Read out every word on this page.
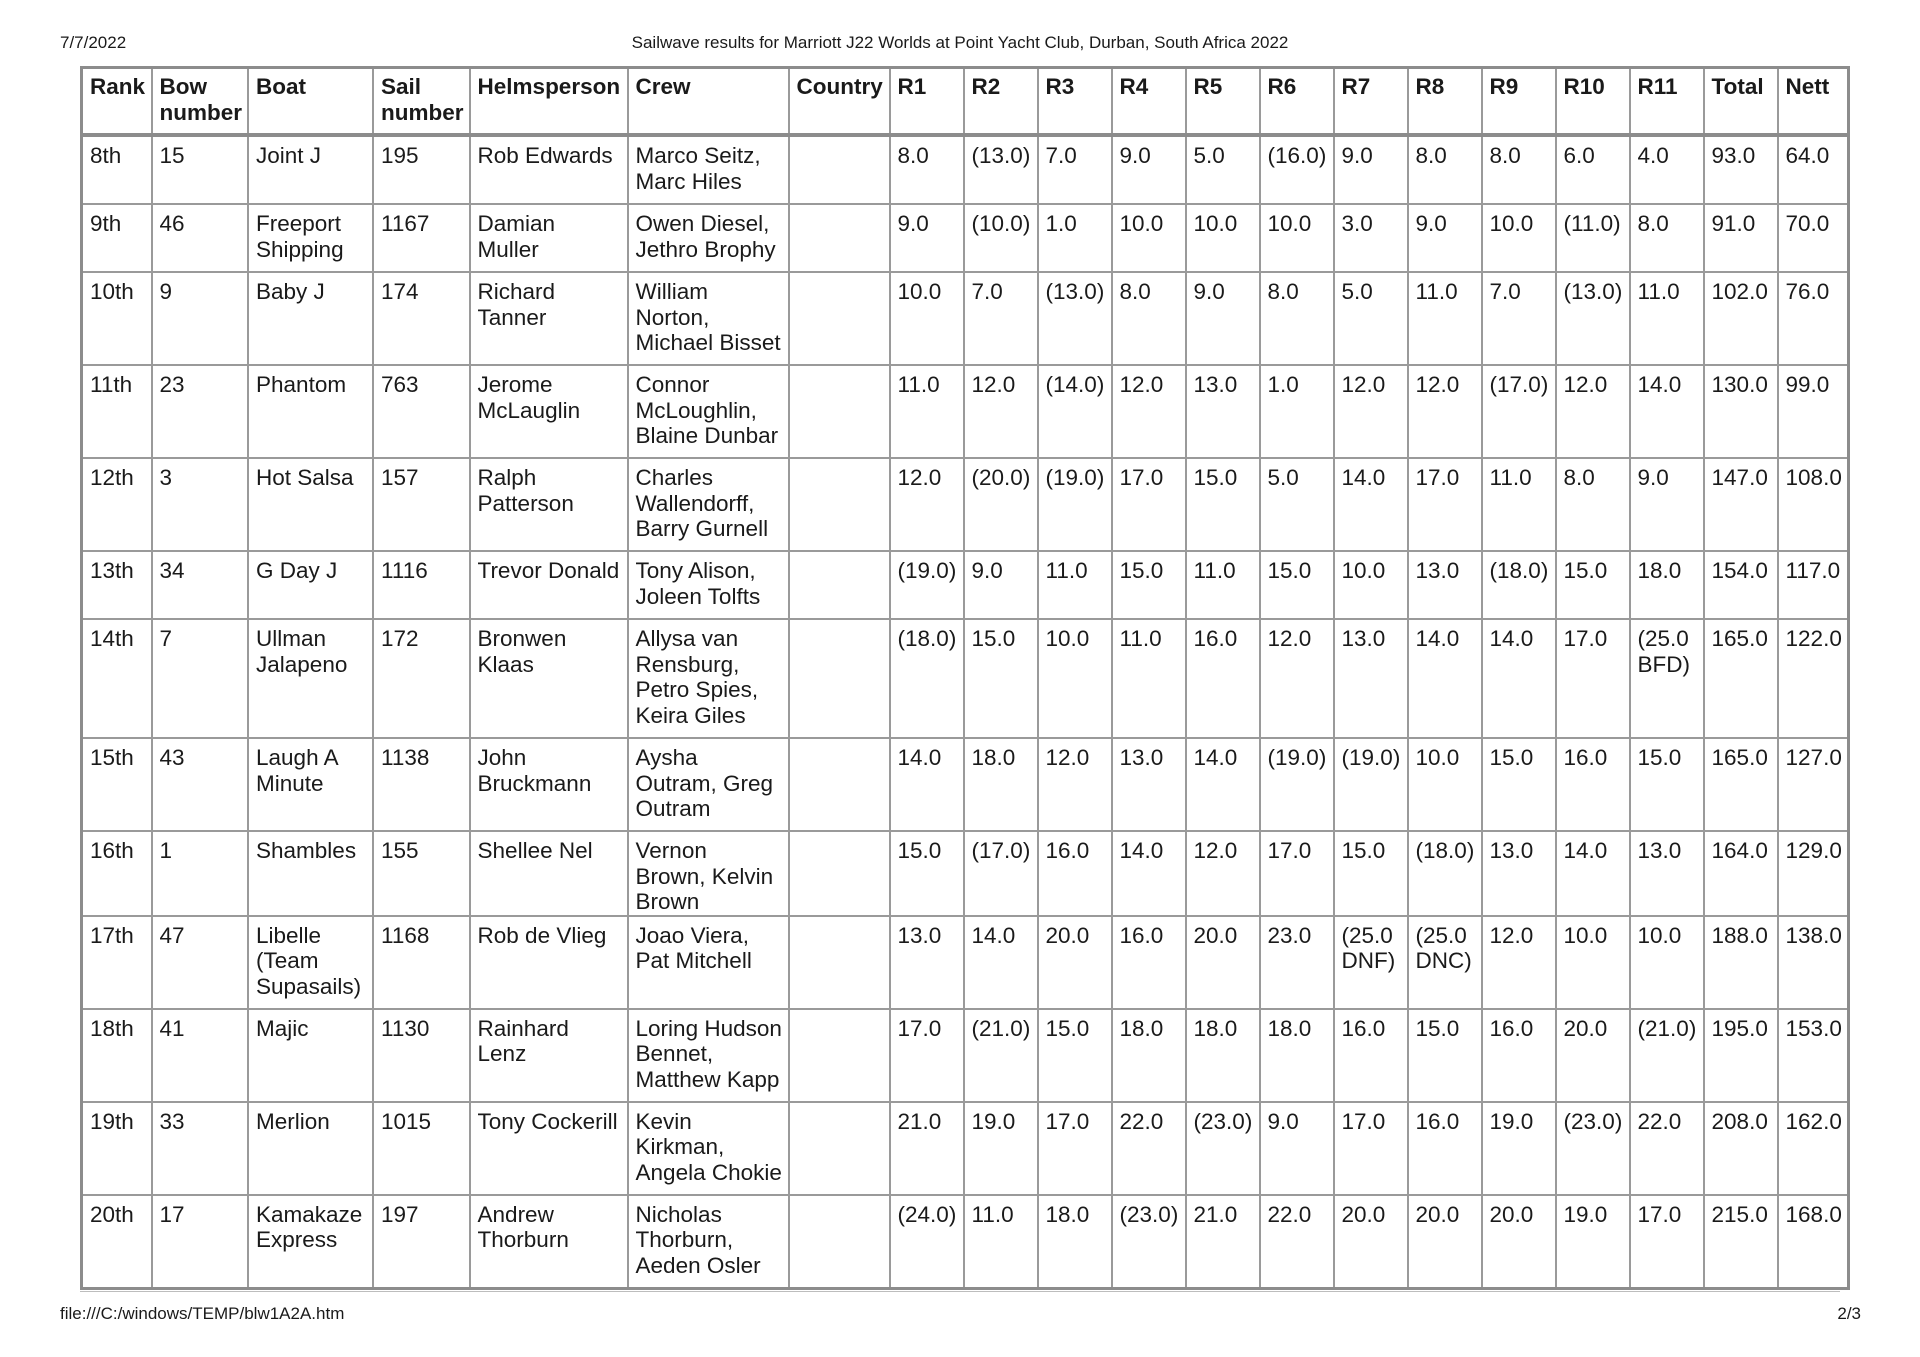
7/7/2022	Sailwave results for Marriott J22 Worlds at Point Yacht Club, Durban, South Africa 2022
Rank	Bow number	Boat	Sail number	Helmsperson	Crew	Country	R1	R2	R3	R4	R5	R6	R7	R8	R9	R10	R11	Total	Nett
8th	15	Joint J	195	Rob Edwards	Marco Seitz, Marc Hiles		8.0	(13.0)	7.0	9.0	5.0	(16.0)	9.0	8.0	8.0	6.0	4.0	93.0	64.0
9th	46	Freeport Shipping	1167	Damian Muller	Owen Diesel, Jethro Brophy		9.0	(10.0)	1.0	10.0	10.0	10.0	3.0	9.0	10.0	(11.0)	8.0	91.0	70.0
10th	9	Baby J	174	Richard Tanner	William Norton, Michael Bisset		10.0	7.0	(13.0)	8.0	9.0	8.0	5.0	11.0	7.0	(13.0)	11.0	102.0	76.0
11th	23	Phantom	763	Jerome McLauglin	Connor McLoughlin, Blaine Dunbar		11.0	12.0	(14.0)	12.0	13.0	1.0	12.0	12.0	(17.0)	12.0	14.0	130.0	99.0
12th	3	Hot Salsa	157	Ralph Patterson	Charles Wallendorff, Barry Gurnell		12.0	(20.0)	(19.0)	17.0	15.0	5.0	14.0	17.0	11.0	8.0	9.0	147.0	108.0
13th	34	G Day J	1116	Trevor Donald	Tony Alison, Joleen Tolfts		(19.0)	9.0	11.0	15.0	11.0	15.0	10.0	13.0	(18.0)	15.0	18.0	154.0	117.0
14th	7	Ullman Jalapeno	172	Bronwen Klaas	Allysa van Rensburg, Petro Spies, Keira Giles		(18.0)	15.0	10.0	11.0	16.0	12.0	13.0	14.0	14.0	17.0	(25.0 BFD)	165.0	122.0
15th	43	Laugh A Minute	1138	John Bruckmann	Aysha Outram, Greg Outram		14.0	18.0	12.0	13.0	14.0	(19.0)	(19.0)	10.0	15.0	16.0	15.0	165.0	127.0
16th	1	Shambles	155	Shellee Nel	Vernon Brown, Kelvin Brown		15.0	(17.0)	16.0	14.0	12.0	17.0	15.0	(18.0)	13.0	14.0	13.0	164.0	129.0
17th	47	Libelle (Team Supasails)	1168	Rob de Vlieg	Joao Viera, Pat Mitchell		13.0	14.0	20.0	16.0	20.0	23.0	(25.0 DNF)	(25.0 DNC)	12.0	10.0	10.0	188.0	138.0
18th	41	Majic	1130	Rainhard Lenz	Loring Hudson Bennet, Matthew Kapp		17.0	(21.0)	15.0	18.0	18.0	18.0	16.0	15.0	16.0	20.0	(21.0)	195.0	153.0
19th	33	Merlion	1015	Tony Cockerill	Kevin Kirkman, Angela Chokie		21.0	19.0	17.0	22.0	(23.0)	9.0	17.0	16.0	19.0	(23.0)	22.0	208.0	162.0
20th	17	Kamakaze Express	197	Andrew Thorburn	Nicholas Thorburn, Aeden Osler		(24.0)	11.0	18.0	(23.0)	21.0	22.0	20.0	20.0	20.0	19.0	17.0	215.0	168.0
file:///C:/windows/TEMP/blw1A2A.htm	2/3
